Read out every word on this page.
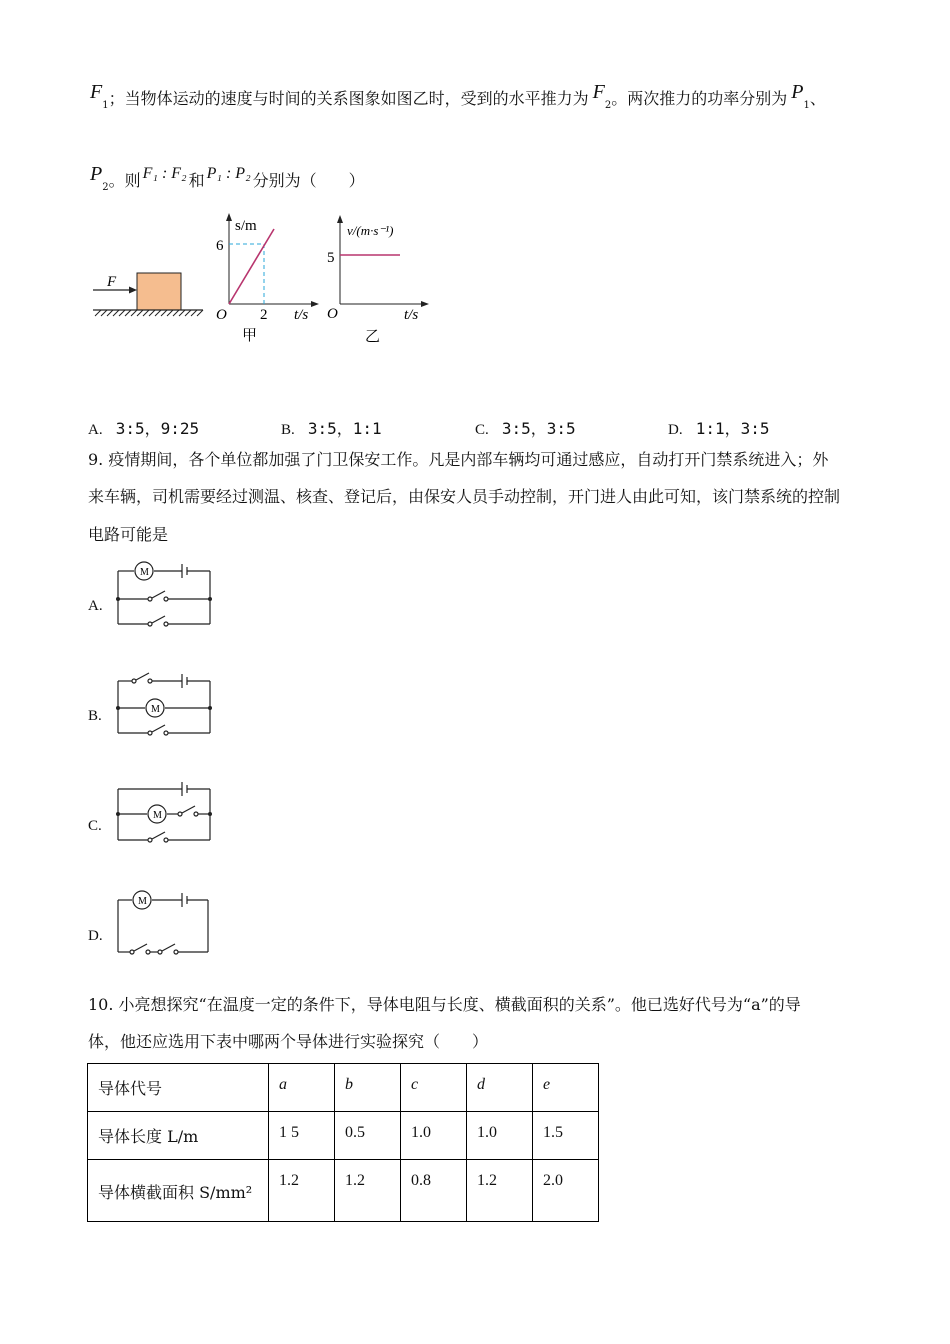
$F_1$；当物体运动的速度与时间的关系图象如图乙时，受到的水平推力为 $F_2$。两次推力的功率分别为 $P_1$、
$P_2$。则 F₁ : F₂ 和 P₁ : P₂ 分别为（　　）
F
s/m
6
O 2 t/s
甲
v/(m·s⁻¹)
5
O	t/s
乙
A. 3:5，9:25	B. 3:5，1:1	C. 3:5，3:5	D. 1:1，3:5
9. 疫情期间，各个单位都加强了门卫保安工作。凡是内部车辆均可通过感应，自动打开门禁系统进入；外
来车辆，司机需要经过测温、核查、登记后，由保安人员手动控制，开门进人由此可知，该门禁系统的控制
电路可能是
A.
M
B.	M
C.
M
D.
M
10. 小亮想探究“在温度一定的条件下，导体电阻与长度、横截面积的关系”。他已选好代号为“a”的导
体，他还应选用下表中哪两个导体进行实验探究（　　）
导体代号	a	b	c	d	e
导体长度 L/m	1 5	0.5	1.0	1.0	1.5
导体横截面积 S/mm²	1.2	1.2	0.8	1.2	2.0
